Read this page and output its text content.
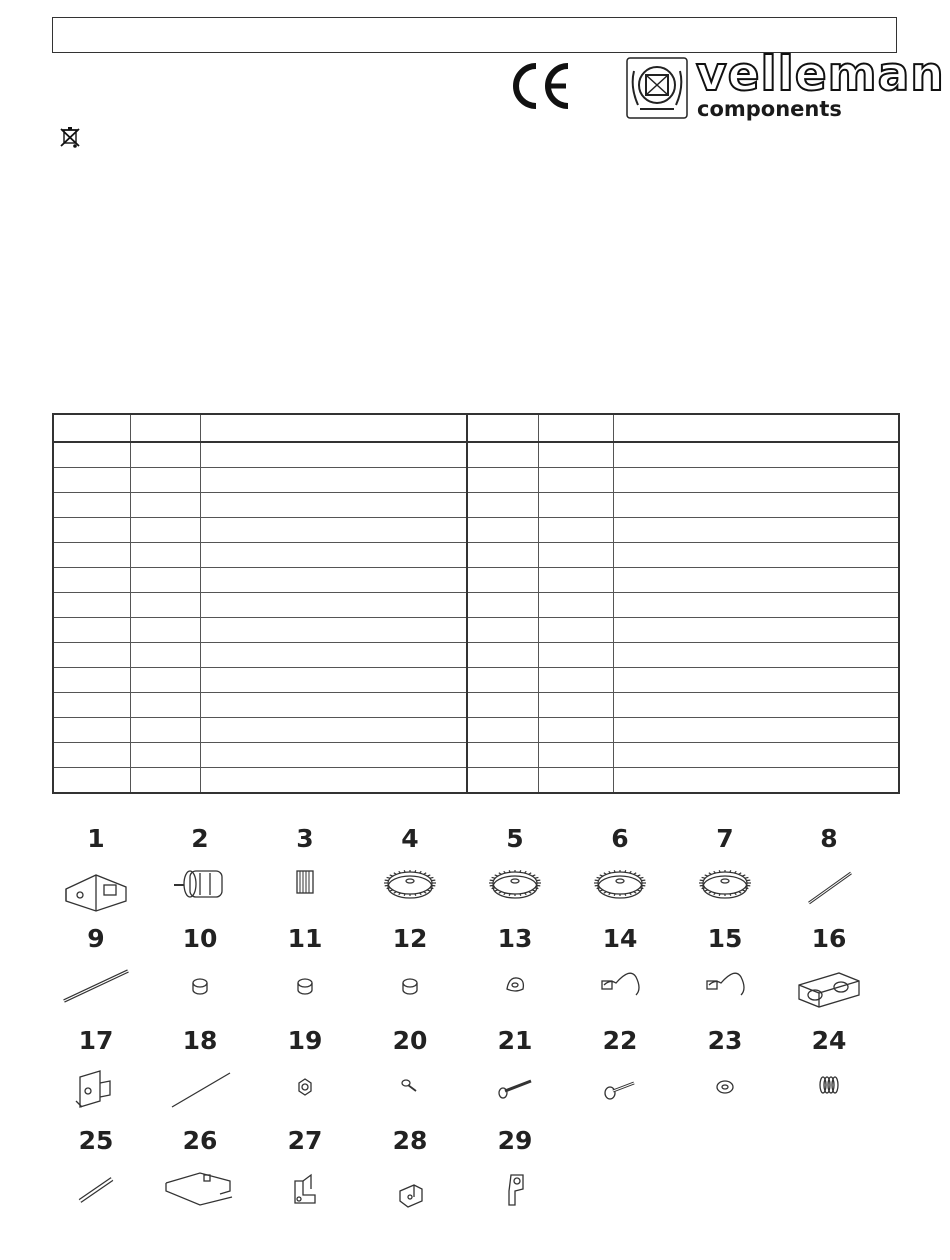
velleman
components

1	2	3	4	5	6	7	8
9	10	11	12	13	14	15	16
17	18	19	20	21	22	23	24
25	26	27	28	29
